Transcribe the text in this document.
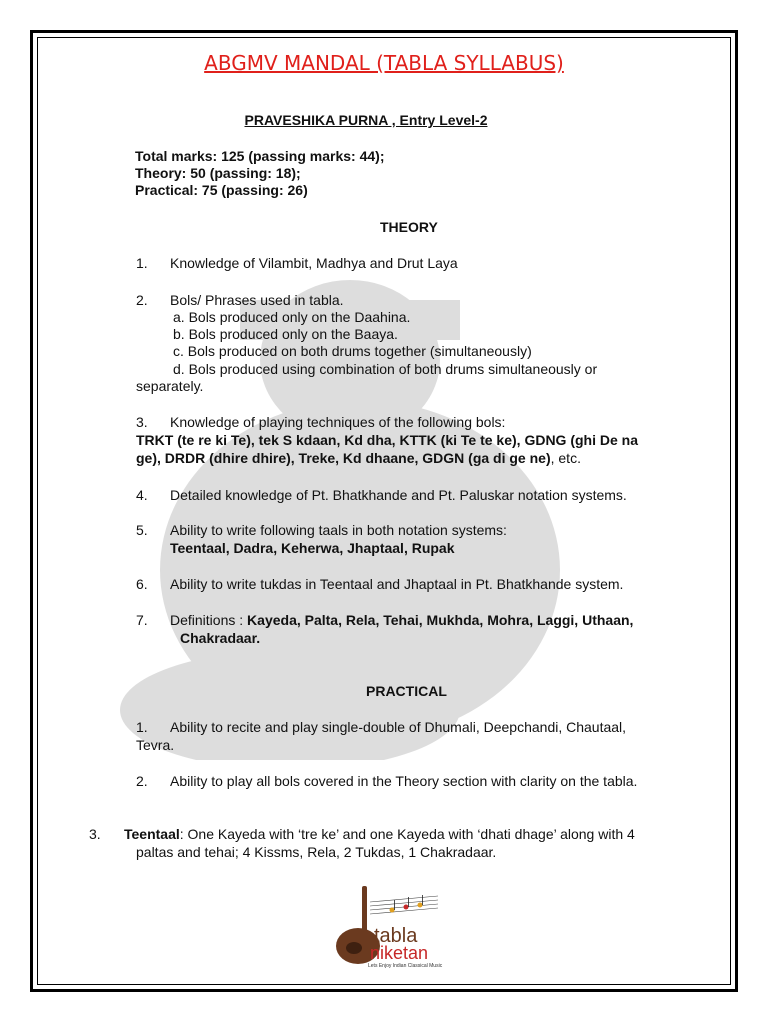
ABGMV MANDAL (TABLA SYLLABUS)
PRAVESHIKA PURNA , Entry Level-2
Total marks: 125 (passing marks: 44);
Theory: 50 (passing: 18);
Practical: 75 (passing: 26)
THEORY
1. Knowledge of Vilambit, Madhya and Drut Laya
2. Bols/ Phrases used in tabla.
a. Bols produced only on the Daahina.
b. Bols produced only on the Baaya.
c. Bols produced on both drums together (simultaneously)
d. Bols produced using combination of both drums simultaneously or
separately.
3. Knowledge of playing techniques of the following bols:
TRKT (te re ki Te), tek S kdaan, Kd dha, KTTK (ki Te te ke), GDNG (ghi De na
ge), DRDR (dhire dhire), Treke, Kd dhaane, GDGN (ga di ge ne), etc.
4. Detailed knowledge of Pt. Bhatkhande and Pt. Paluskar notation systems.
5. Ability to write following taals in both notation systems:
Teentaal, Dadra, Keherwa, Jhaptaal, Rupak
6. Ability to write tukdas in Teentaal and Jhaptaal in Pt. Bhatkhande system.
7. Definitions : Kayeda, Palta, Rela, Tehai, Mukhda, Mohra, Laggi, Uthaan,
Chakradaar.
PRACTICAL
1. Ability to recite and play single-double of Dhumali, Deepchandi, Chautaal,
Tevra.
2. Ability to play all bols covered in the Theory section with clarity on the tabla.
3. Teentaal: One Kayeda with ‘tre ke’ and one Kayeda with ‘dhati dhage’ along with 4
paltas and tehai; 4 Kissms, Rela, 2 Tukdas, 1 Chakradaar.
tabla
niketan
Lets Enjoy Indian Classical Music
